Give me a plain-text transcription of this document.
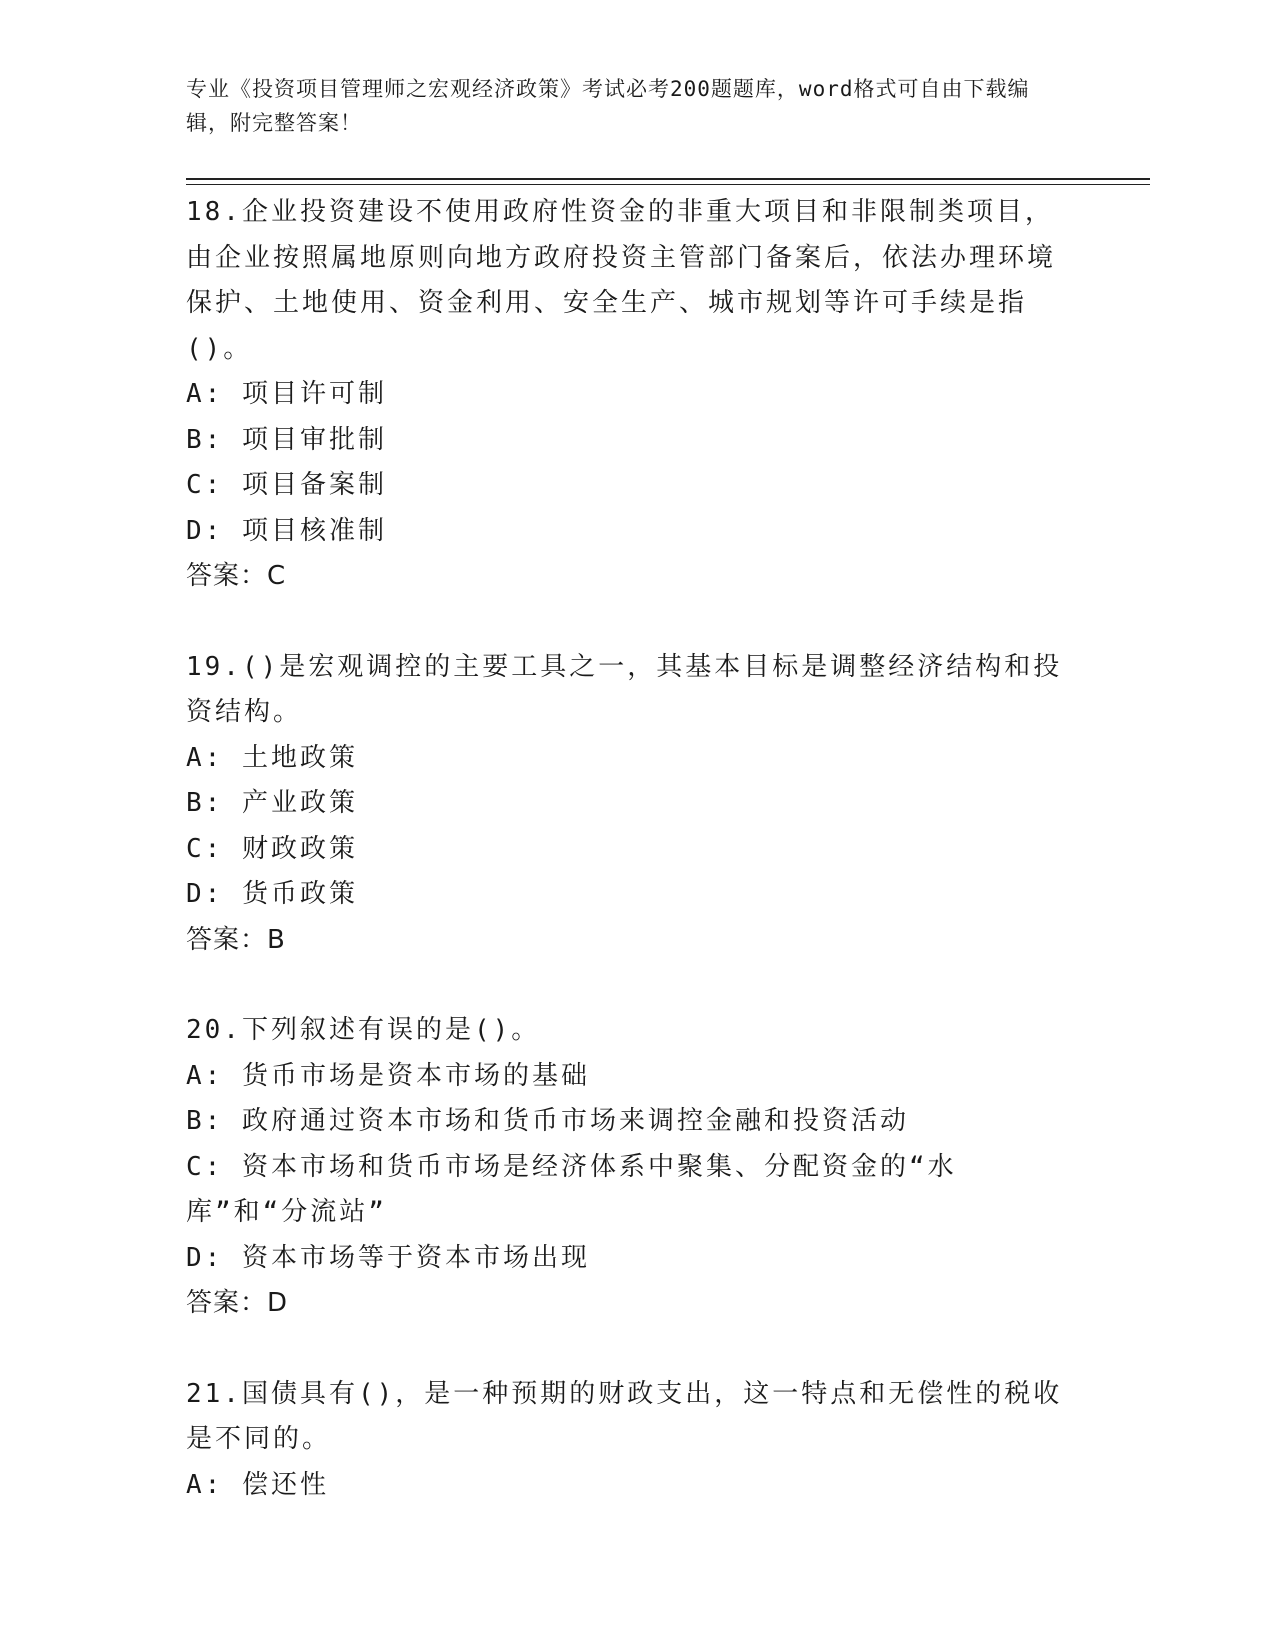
专业《投资项目管理师之宏观经济政策》考试必考200题题库，word格式可自由下载编辑，附完整答案！

18.企业投资建设不使用政府性资金的非重大项目和非限制类项目，由企业按照属地原则向地方政府投资主管部门备案后，依法办理环境保护、土地使用、资金利用、安全生产、城市规划等许可手续是指()。

A: 项目许可制

B: 项目审批制

C: 项目备案制

D: 项目核准制

答案：C

19.()是宏观调控的主要工具之一，其基本目标是调整经济结构和投资结构。

A: 土地政策

B: 产业政策

C: 财政政策

D: 货币政策

答案：B

20.下列叙述有误的是()。

A: 货币市场是资本市场的基础

B: 政府通过资本市场和货币市场来调控金融和投资活动

C: 资本市场和货币市场是经济体系中聚集、分配资金的“水库”和“分流站”

D: 资本市场等于资本市场出现

答案：D

21.国债具有()，是一种预期的财政支出，这一特点和无偿性的税收是不同的。

A: 偿还性
